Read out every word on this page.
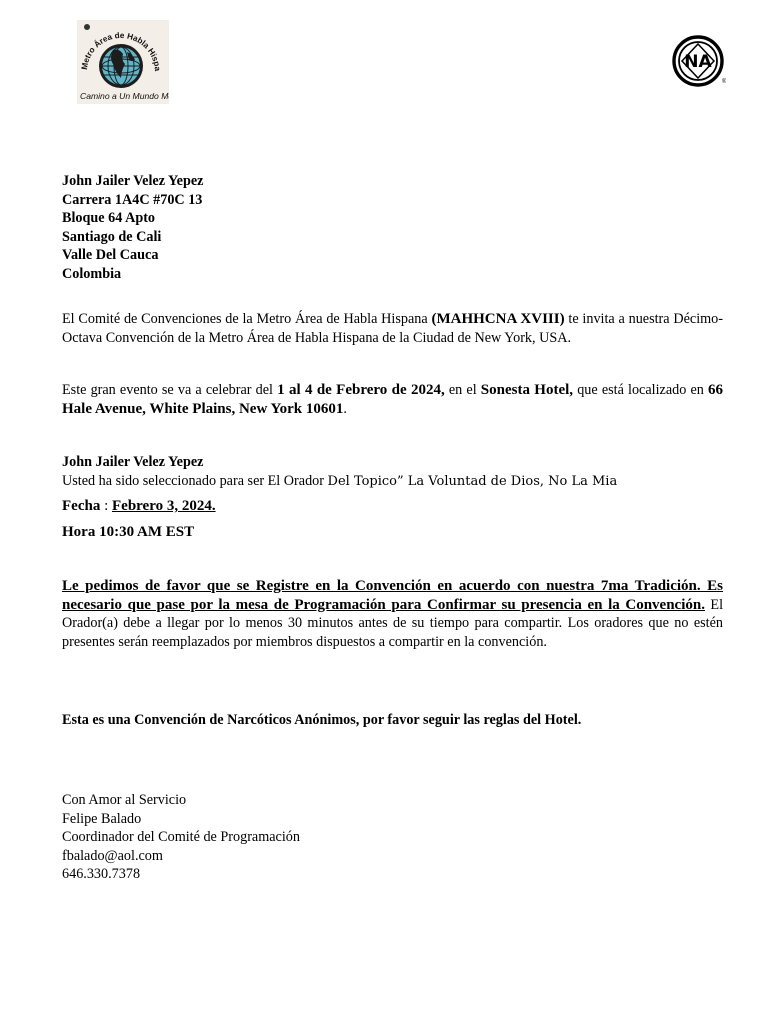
Metro Área de Habla Hispa
Camino a Un Mundo M
NA
®
John Jailer Velez Yepez
Carrera 1A4C #70C 13
Bloque 64 Apto
Santiago de Cali
Valle Del Cauca
Colombia
El Comité de Convenciones de la Metro Área de Habla Hispana (MAHHCNA XVIII) te invita a nuestra Décimo-Octava Convención de la Metro Área de Habla Hispana de la Ciudad de New York, USA.
Este gran evento se va a celebrar del 1 al 4 de Febrero de 2024, en el Sonesta Hotel, que está localizado en 66 Hale Avenue, White Plains, New York 10601.
John Jailer Velez Yepez
Usted ha sido seleccionado para ser El Orador Del Topico” La Voluntad de Dios, No La Mia
Fecha : Febrero 3, 2024.
Hora 10:30 AM EST
Le pedimos de favor que se Registre en la Convención en acuerdo con nuestra 7ma Tradición. Es necesario que pase por la mesa de Programación para Confirmar su presencia en la Convención. El Orador(a) debe a llegar por lo menos 30 minutos antes de su tiempo para compartir. Los oradores que no estén presentes serán reemplazados por miembros dispuestos a compartir en la convención.
Esta es una Convención de Narcóticos Anónimos, por favor seguir las reglas del Hotel.
Con Amor al Servicio
Felipe Balado
Coordinador del Comité de Programación
fbalado@aol.com
646.330.7378
